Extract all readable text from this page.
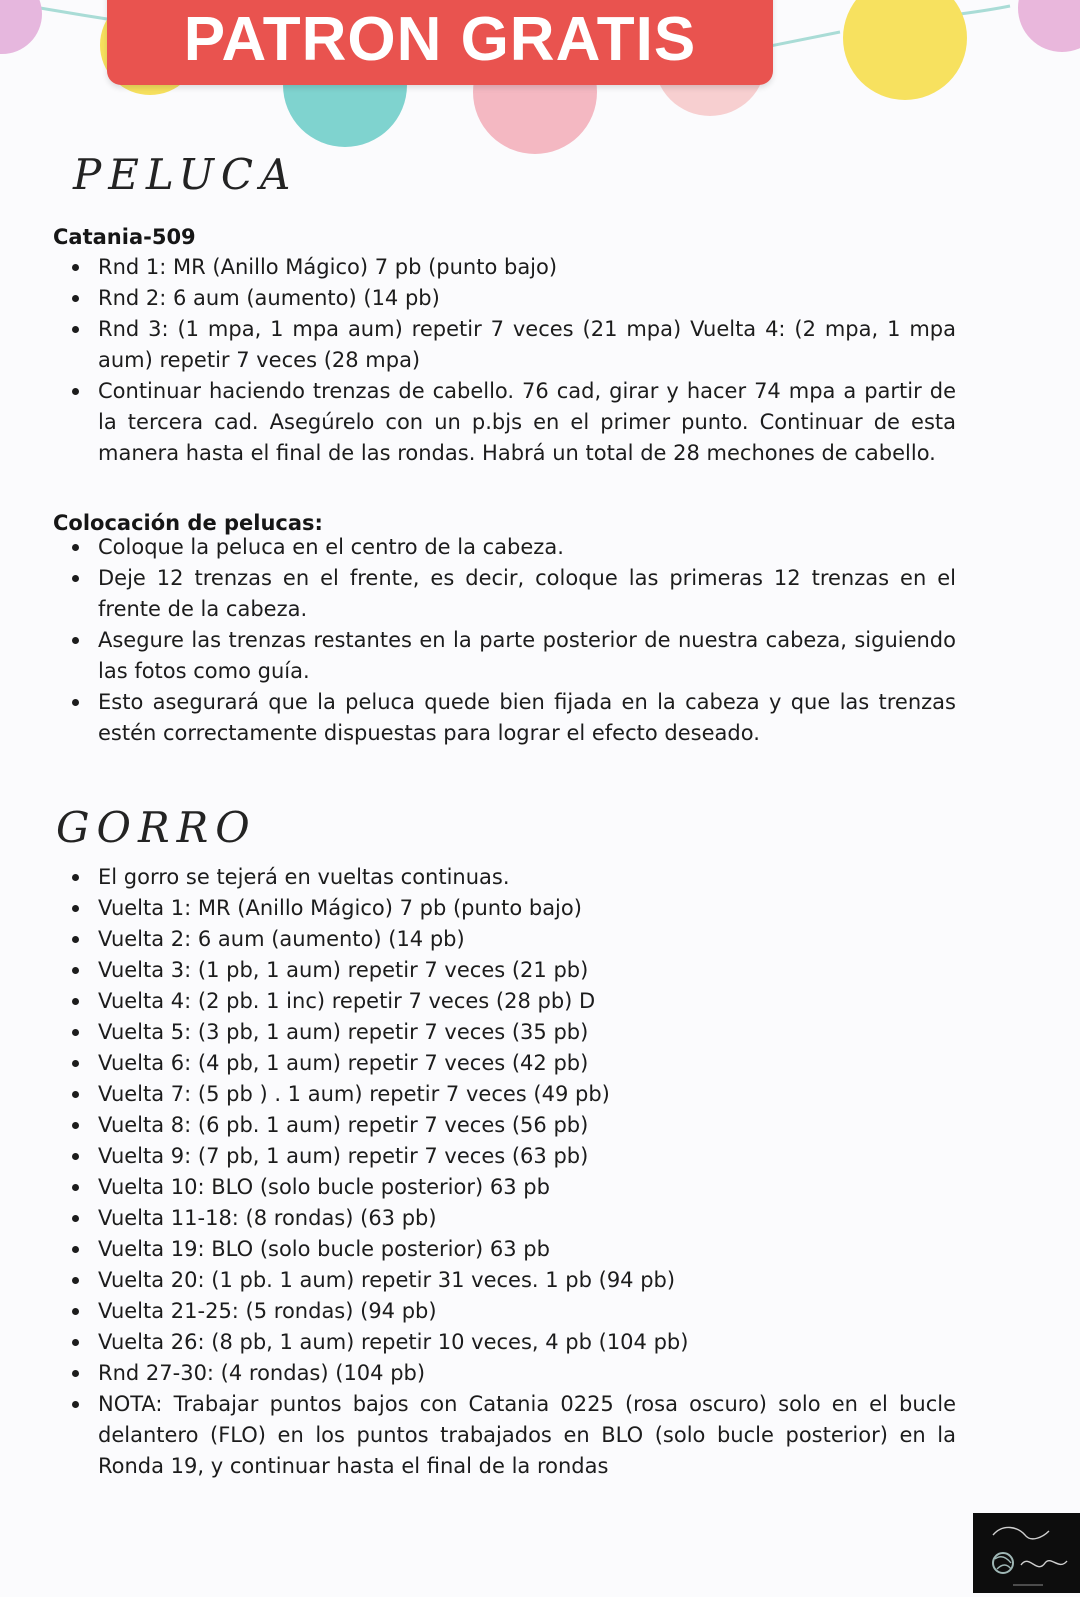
PATRON GRATIS
PELUCA
Catania-509
Rnd 1: MR (Anillo Mágico) 7 pb (punto bajo)
Rnd 2: 6 aum (aumento) (14 pb)
Rnd 3: (1 mpa, 1 mpa aum) repetir 7 veces (21 mpa) Vuelta 4: (2 mpa, 1 mpa aum) repetir 7 veces (28 mpa)
Continuar haciendo trenzas de cabello. 76 cad, girar y hacer 74 mpa a partir de la tercera cad. Asegúrelo con un p.bjs en el primer punto. Continuar de esta manera hasta el final de las rondas. Habrá un total de 28 mechones de cabello.
Colocación de pelucas:
Coloque la peluca en el centro de la cabeza.
Deje 12 trenzas en el frente, es decir, coloque las primeras 12 trenzas en el frente de la cabeza.
Asegure las trenzas restantes en la parte posterior de nuestra cabeza, siguiendo las fotos como guía.
Esto asegurará que la peluca quede bien fijada en la cabeza y que las trenzas estén correctamente dispuestas para lograr el efecto deseado.
GORRO
El gorro se tejerá en vueltas continuas.
Vuelta 1: MR (Anillo Mágico) 7 pb (punto bajo)
Vuelta 2: 6 aum (aumento) (14 pb)
Vuelta 3: (1 pb, 1 aum) repetir 7 veces (21 pb)
Vuelta 4: (2 pb. 1 inc) repetir 7 veces (28 pb) D
Vuelta 5: (3 pb, 1 aum) repetir 7 veces (35 pb)
Vuelta 6: (4 pb, 1 aum) repetir 7 veces (42 pb)
Vuelta 7: (5 pb ) . 1 aum) repetir 7 veces (49 pb)
Vuelta 8: (6 pb. 1 aum) repetir 7 veces (56 pb)
Vuelta 9: (7 pb, 1 aum) repetir 7 veces (63 pb)
Vuelta 10: BLO (solo bucle posterior) 63 pb
Vuelta 11-18: (8 rondas) (63 pb)
Vuelta 19: BLO (solo bucle posterior) 63 pb
Vuelta 20: (1 pb. 1 aum) repetir 31 veces. 1 pb (94 pb)
Vuelta 21-25: (5 rondas) (94 pb)
Vuelta 26: (8 pb, 1 aum) repetir 10 veces, 4 pb (104 pb)
Rnd 27-30: (4 rondas) (104 pb)
NOTA: Trabajar puntos bajos con Catania 0225 (rosa oscuro) solo en el bucle delantero (FLO) en los puntos trabajados en BLO (solo bucle posterior) en la Ronda 19, y continuar hasta el final de la rondas
